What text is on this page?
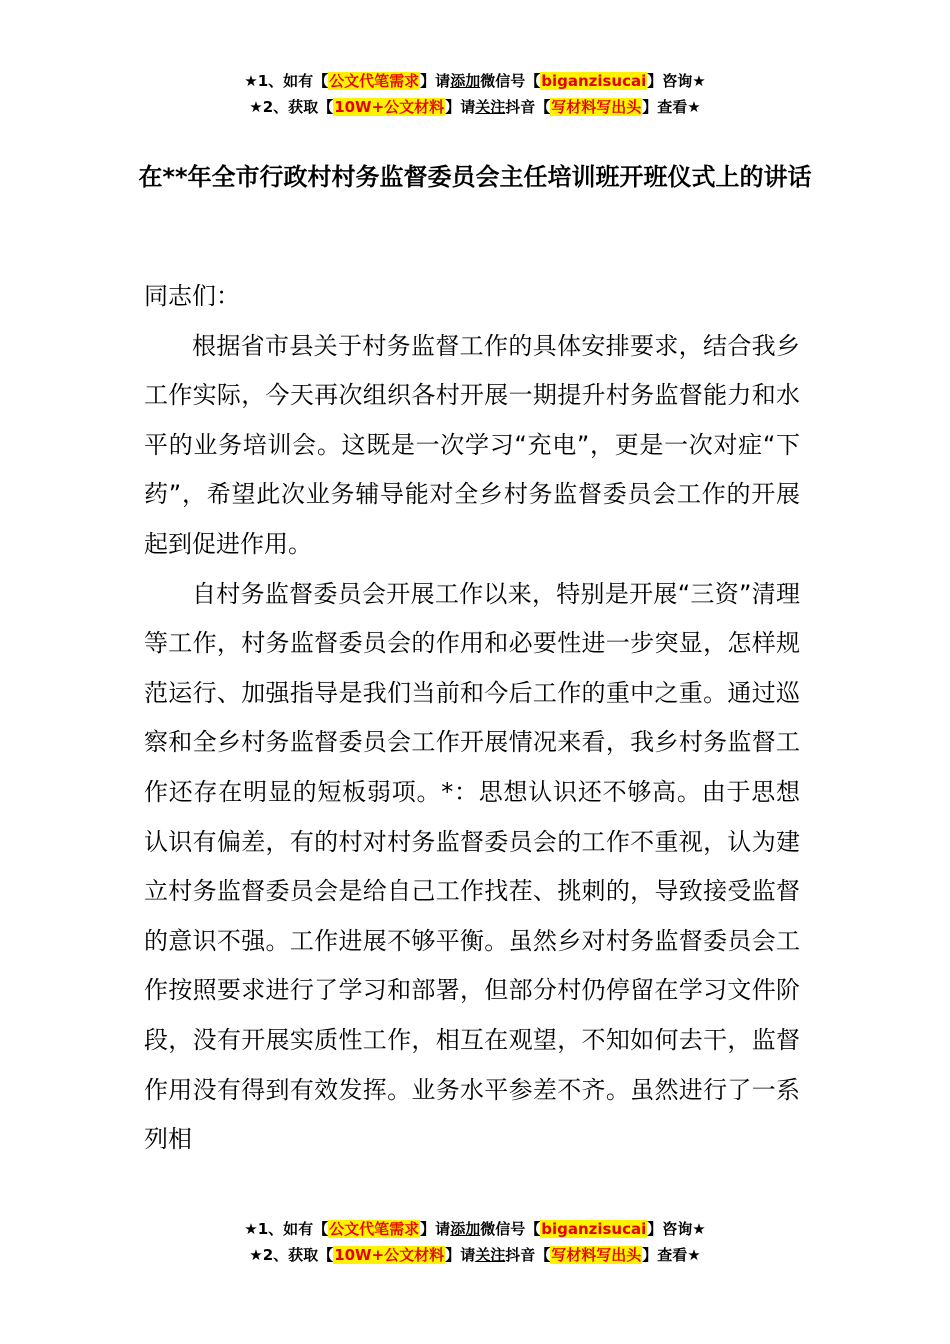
★1、如有【公文代笔需求】请添加微信号【biganzisucai】咨询★
★2、获取【10W+公文材料】请关注抖音【写材料写出头】查看★
在**年全市行政村村务监督委员会主任培训班开班仪式上的讲话

同志们：

根据省市县关于村务监督工作的具体安排要求，结合我乡工作实际，今天再次组织各村开展一期提升村务监督能力和水平的业务培训会。这既是一次学习“充电”，更是一次对症“下药”，希望此次业务辅导能对全乡村务监督委员会工作的开展起到促进作用。

自村务监督委员会开展工作以来，特别是开展“三资”清理等工作，村务监督委员会的作用和必要性进一步突显，怎样规范运行、加强指导是我们当前和今后工作的重中之重。通过巡察和全乡村务监督委员会工作开展情况来看，我乡村务监督工作还存在明显的短板弱项。*：思想认识还不够高。由于思想认识有偏差，有的村对村务监督委员会的工作不重视，认为建立村务监督委员会是给自己工作找茬、挑刺的，导致接受监督的意识不强。工作进展不够平衡。虽然乡对村务监督委员会工作按照要求进行了学习和部署，但部分村仍停留在学习文件阶段，没有开展实质性工作，相互在观望，不知如何去干，监督作用没有得到有效发挥。业务水平参差不齐。虽然进行了一系列相

★1、如有【公文代笔需求】请添加微信号【biganzisucai】咨询★
★2、获取【10W+公文材料】请关注抖音【写材料写出头】查看★
